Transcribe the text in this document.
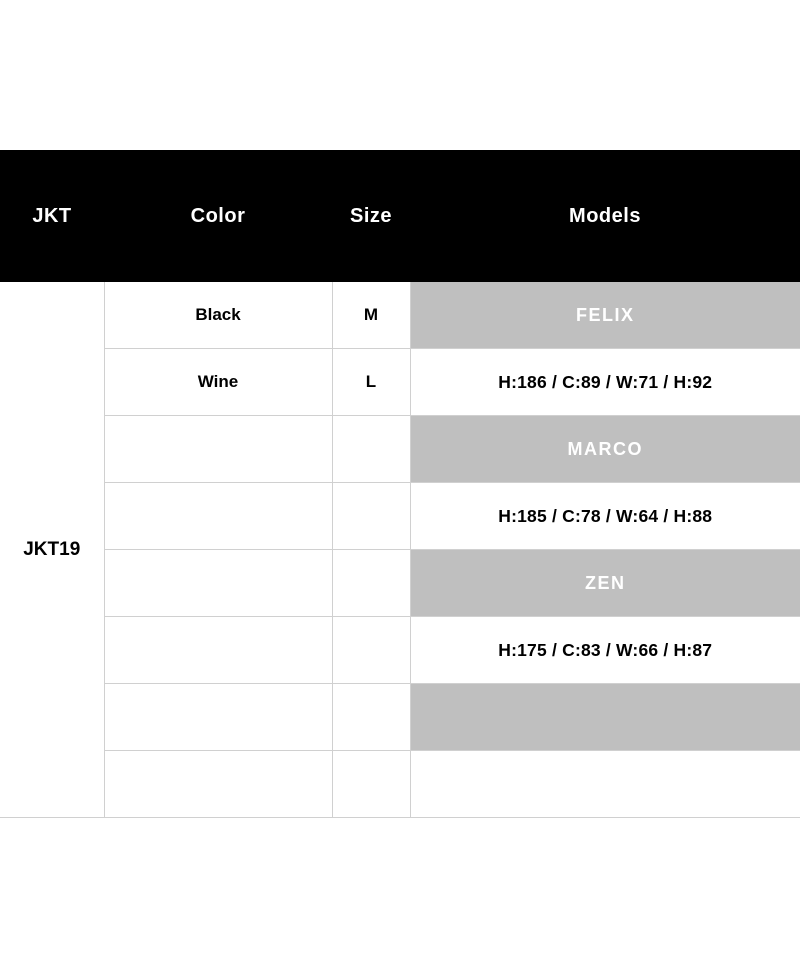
JKT	Color	Size	Models
JKT19	Black	M	FELIX
	Wine	L	H:186 / C:89 / W:71 / H:92
			MARCO
			H:185 / C:78 / W:64 / H:88
			ZEN
			H:175 / C:83 / W:66 / H:87
